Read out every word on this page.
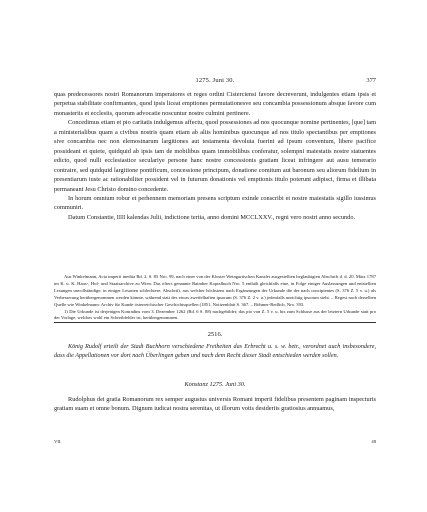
1275. Juni 30.	377

quas predecessores nostri Romanorum imperatores et reges ordini Cisterciensi favore decreverunt, indulgentes etiam ipsis et perpetua stabilitate confirmantes, quod ipsis liceat emptiones permutationesve seu concambia possessionum absque favore cum monasteriis et ecclesiis, quorum advocatie noscuntur nostre culmini pertinere.

Concedimus etiam et pio caritatis indulgemus affectu, quod possessiones ad nos quocunque nomine pertinentes, [que] tam a ministerialibus quam a civibus nostris quam etiam ab aliis hominibus quocunque ad nos titulo spectantibus per emptiones sive concambia nec non elemosinarum largitiones aut testamenta devoluta fuerint ad ipsum conventum, libere pacifice possideant et quiete, quidquid ab ipsis tam de mobilibus quam immobilibus conferatur, solempni maiestatis nostre statuentes edicto, quod nulli ecclesiastice seculariye persone hanc nostre concessionis gratiam liceat infringere aut ausu temerario contraire, sed quidquid largitione pontificum, concessione principum, donatione comitum aut baronum seu aliorum fidelium in presentiarum iuste ac rationabiliter possident vel in futurum donationis vel emptionis titulo poterunt adipisci, firma et illibata permaneant Jesu Christo domino concedente.

In horum omnium robur et perhennem memoriam presens scriptum exinde conscribi et nostre maiestatis sigillo iussimus communiri.

Datum Constantie, IIII kalendas Julii, indictione tertia, anno domini MCCLXXV., regni vero nostri anno secundo.

Aus Winkelmann, Acta imperii inedita Bd. 2, S. 85 Nro. 99, nach einer von der Kloster Weingartischen Kanzlei ausgestellten beglaubigten Abschrift d. d. 20. März 1787 im K. u. K. Haus-, Hof- und Staatsarchive zu Wien. Das öfters genannte Baindter Kopialbuch Nro. 5 enthält gleichfalls eine, in Folge einiger Auslassungen und entstellten Lesungen unvollständige, in einiger Lesarten schlechtere, Abschrift, aus welcher höchstens nach Ergänzungen der Urkunde die der nach concipientes (S. 376 Z. 5 v. u.) als Verbesserung herübergenommen werden könnte, während statt des etwas zweifelhaften ipsorum (S. 376 Z. 2 v. u.) jedenfalls unrichtig ipsorum steht. – Regest nach derselben Quelle wie Winkelmann: Archiv für Kunde österreichischer Geschichtsquellen (1851, Notizenblatt S. 367. – Böhmer-Redlich, Nro. 393.

1) Die Urkunde ist derjenigen Konradins vom 3. Dezember 1262 (Bd. 6 S. 88) nachgebildet; das pio von Z. 5 v. u. bis zum Schlusse aus der letztern Urkunde statt pro der Vorlage, welches wohl ein Schreibfehler ist, herübergenommen.

2516.

König Rudolf erteilt der Stadt Buchhorn verschiedene Freiheiten das Erbrecht u. s. w. betr., verordnet auch insbesondere, dass die Appellationen vor dort nach Überlingen gehen und nach dem Recht dieser Stadt entschieden werden sollen.

Konstanz 1275. Juni 30.

Rudolphus dei gratia Romanorum rex semper augustus universis Romani imperii fidelibus presentem paginam inspecturis gratiam suam et omne bonum. Dignum iudicat nostra serenitas, ut illorum votis desideriis gratiosius annuamus,

VII.	48
